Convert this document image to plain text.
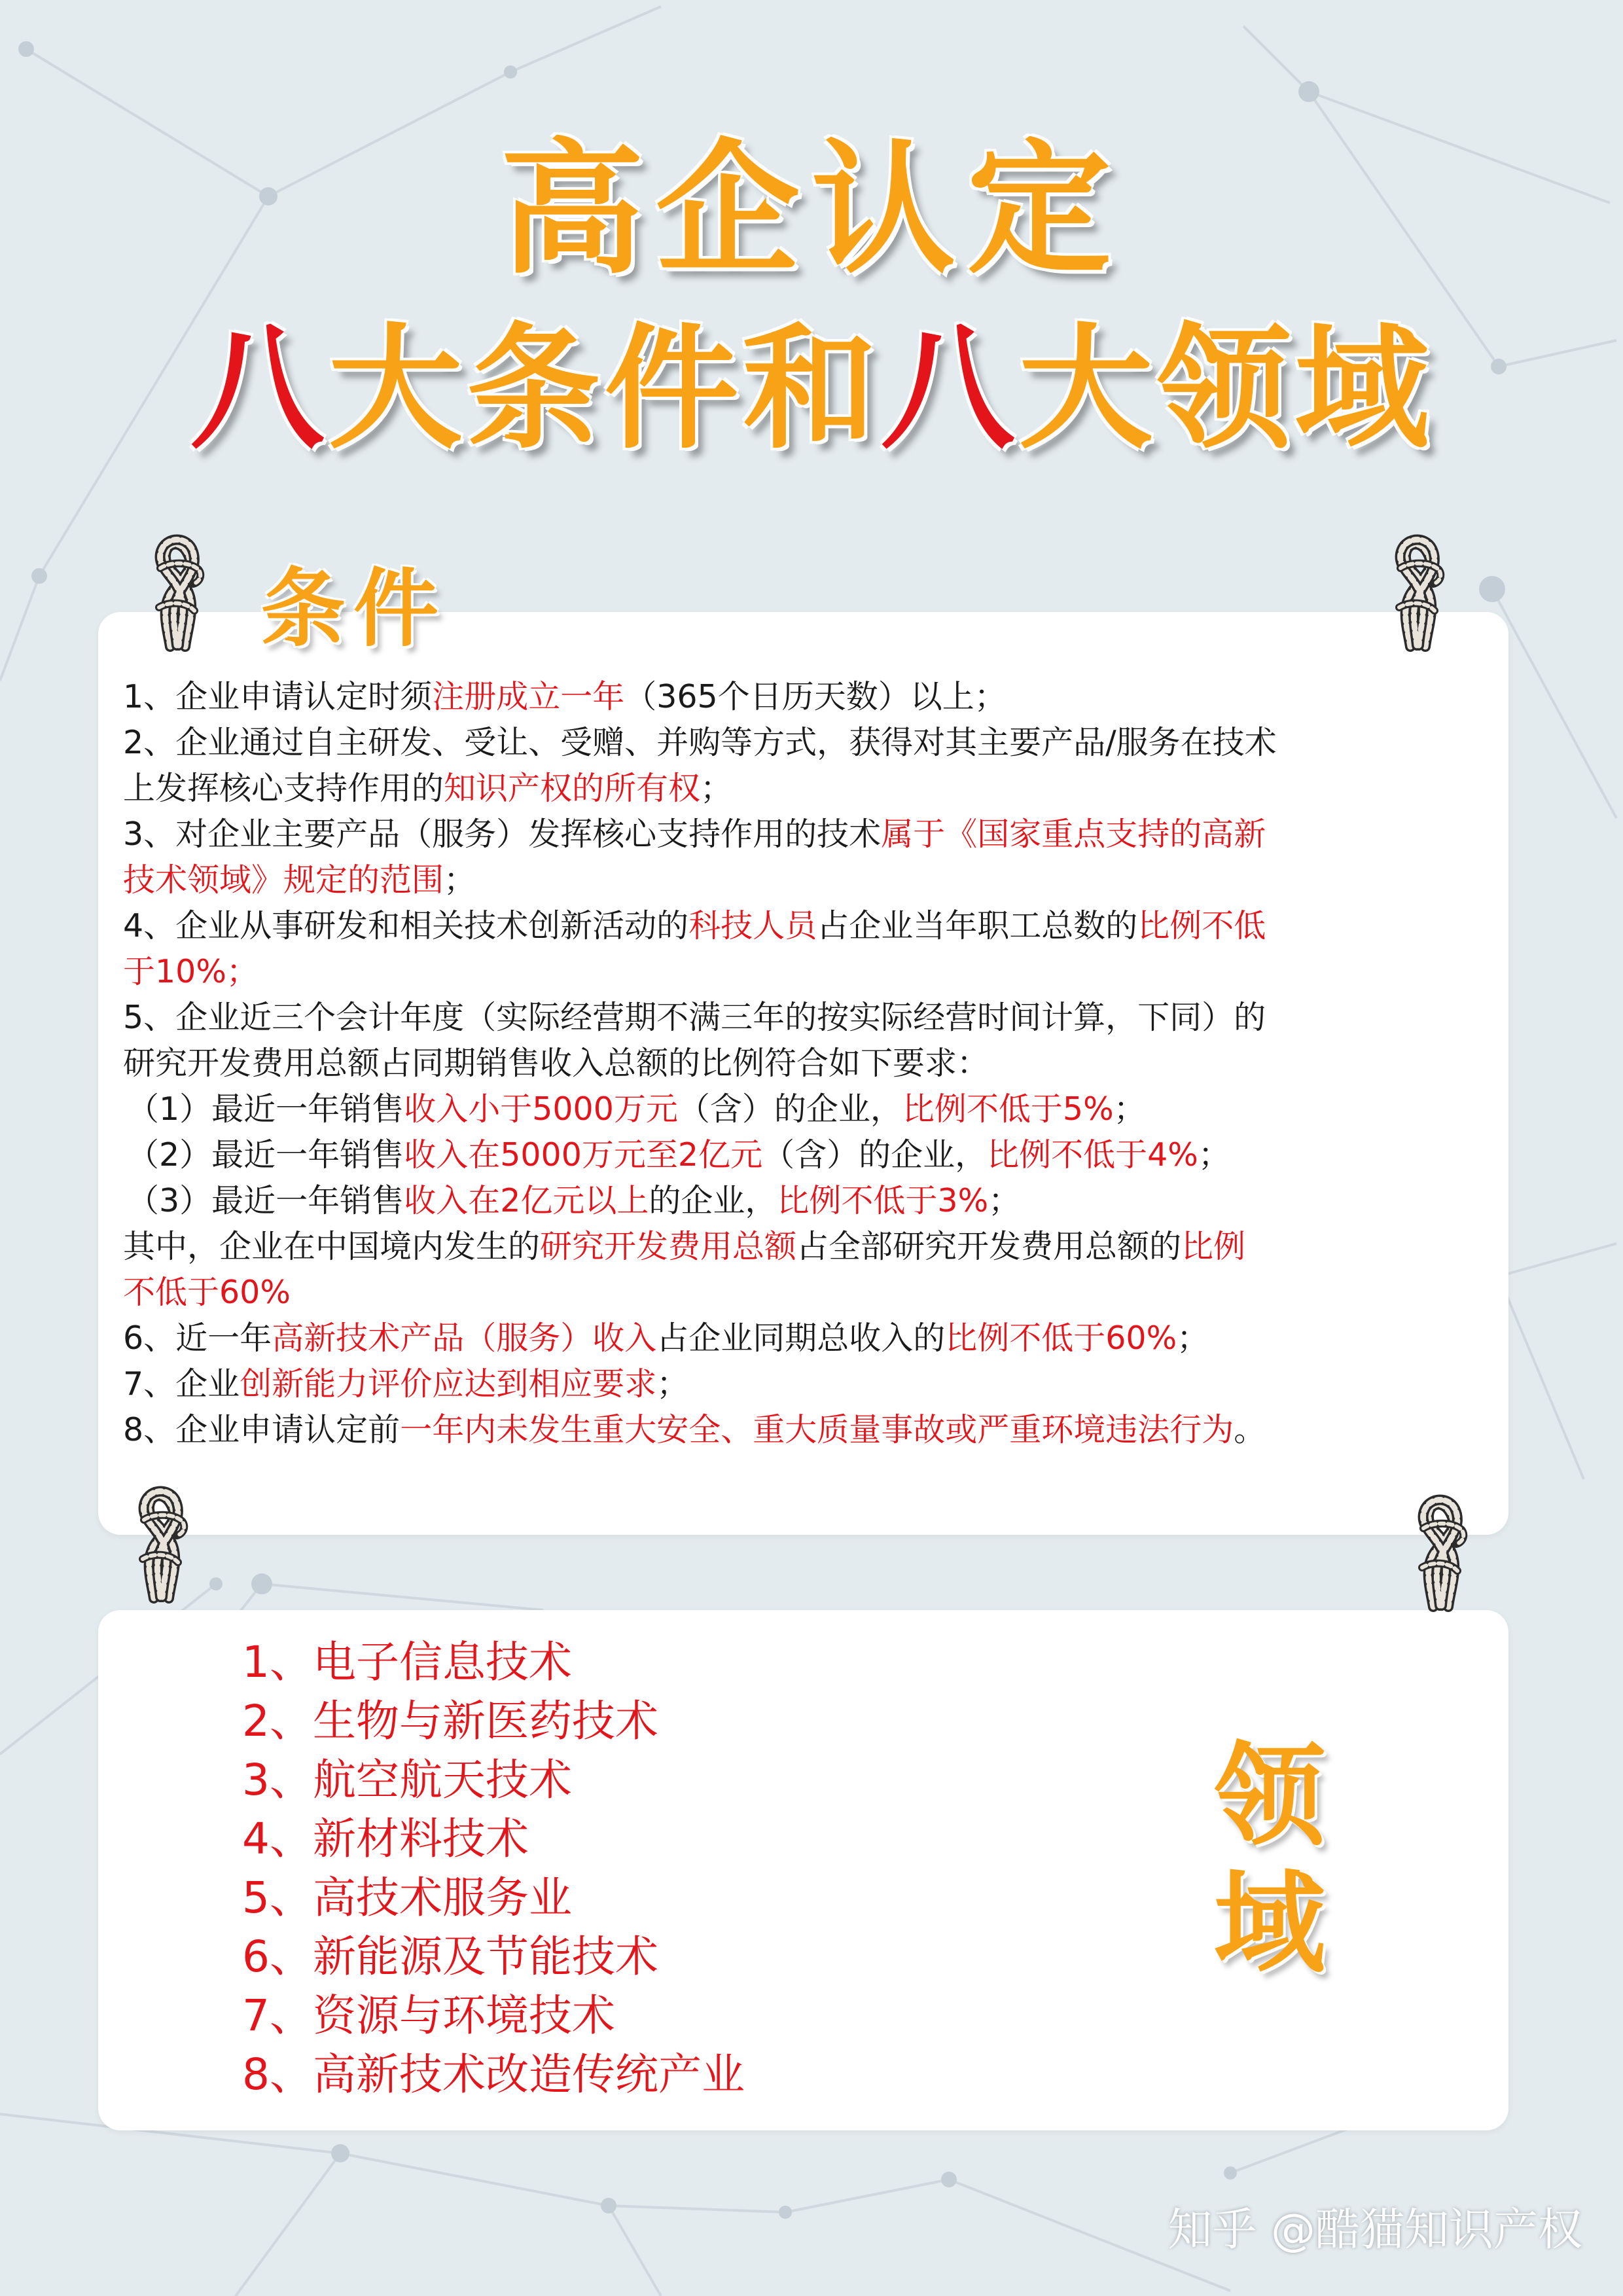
高企认定
八大条件和八大领域
条件
1、企业申请认定时须注册成立一年（365个日历天数）以上；
2、企业通过自主研发、受让、受赠、并购等方式，获得对其主要产品/服务在技术
上发挥核心支持作用的知识产权的所有权；
3、对企业主要产品（服务）发挥核心支持作用的技术属于《国家重点支持的高新
技术领域》规定的范围；
4、企业从事研发和相关技术创新活动的科技人员占企业当年职工总数的比例不低
于10%；
5、企业近三个会计年度（实际经营期不满三年的按实际经营时间计算，下同）的
研究开发费用总额占同期销售收入总额的比例符合如下要求：
（1）最近一年销售收入小于5000万元（含）的企业，比例不低于5%；
（2）最近一年销售收入在5000万元至2亿元（含）的企业，比例不低于4%；
（3）最近一年销售收入在2亿元以上的企业，比例不低于3%；
其中，企业在中国境内发生的研究开发费用总额占全部研究开发费用总额的比例
不低于60%
6、近一年高新技术产品（服务）收入占企业同期总收入的比例不低于60%；
7、企业创新能力评价应达到相应要求；
8、企业申请认定前一年内未发生重大安全、重大质量事故或严重环境违法行为。
1、电子信息技术
2、生物与新医药技术
3、航空航天技术
4、新材料技术
5、高技术服务业
6、新能源及节能技术
7、资源与环境技术
8、高新技术改造传统产业
领
域
知乎 @酷猫知识产权
